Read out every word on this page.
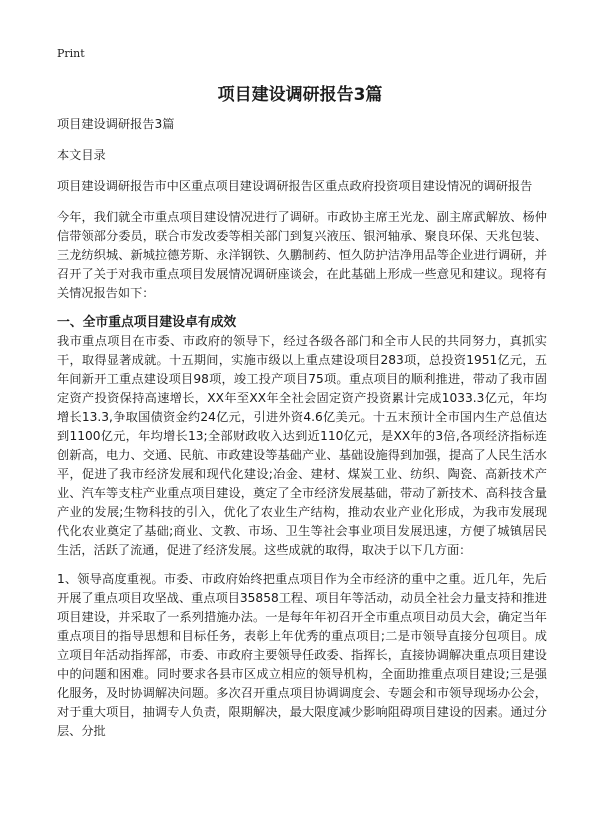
Print
项目建设调研报告3篇

项目建设调研报告3篇

本文目录

项目建设调研报告市中区重点项目建设调研报告区重点政府投资项目建设情况的调研报告

今年，我们就全市重点项目建设情况进行了调研。市政协主席王光龙、副主席武解放、杨仲信带领部分委员，联合市发改委等相关部门到复兴液压、银河轴承、聚良环保、天兆包装、三龙纺织城、新城拉德芳斯、永洋钢铁、久鹏制药、恒久防护洁净用品等企业进行调研，并召开了关于对我市重点项目发展情况调研座谈会，在此基础上形成一些意见和建议。现将有关情况报告如下：

一、全市重点项目建设卓有成效

我市重点项目在市委、市政府的领导下，经过各级各部门和全市人民的共同努力，真抓实干，取得显著成就。十五期间，实施市级以上重点建设项目283项，总投资1951亿元，五年间新开工重点建设项目98项，竣工投产项目75项。重点项目的顺利推进，带动了我市固定资产投资保持高速增长，XX年至XX年全社会固定资产投资累计完成1033.3亿元，年均增长13.3,争取国债资金约24亿元，引进外资4.6亿美元。十五末预计全市国内生产总值达到1100亿元，年均增长13;全部财政收入达到近110亿元，是XX年的3倍,各项经济指标连创新高，电力、交通、民航、市政建设等基础产业、基础设施得到加强，提高了人民生活水平，促进了我市经济发展和现代化建设;冶金、建材、煤炭工业、纺织、陶瓷、高新技术产业、汽车等支柱产业重点项目建设，奠定了全市经济发展基础，带动了新技术、高科技含量产业的发展;生物科技的引入，优化了农业生产结构，推动农业产业化形成，为我市发展现代化农业奠定了基础;商业、文教、市场、卫生等社会事业项目发展迅速，方便了城镇居民生活，活跃了流通，促进了经济发展。这些成就的取得，取决于以下几方面：

1、领导高度重视。市委、市政府始终把重点项目作为全市经济的重中之重。近几年，先后开展了重点项目攻坚战、重点项目35858工程、项目年等活动，动员全社会力量支持和推进项目建设，并采取了一系列措施办法。一是每年年初召开全市重点项目动员大会，确定当年重点项目的指导思想和目标任务，表彰上年优秀的重点项目;二是市领导直接分包项目。成立项目年活动指挥部，市委、市政府主要领导任政委、指挥长，直接协调解决重点项目建设中的问题和困难。同时要求各县市区成立相应的领导机构，全面助推重点项目建设;三是强化服务，及时协调解决问题。多次召开重点项目协调调度会、专题会和市领导现场办公会，对于重大项目，抽调专人负责，限期解决，最大限度减少影响阻碍项目建设的因素。通过分层、分批
